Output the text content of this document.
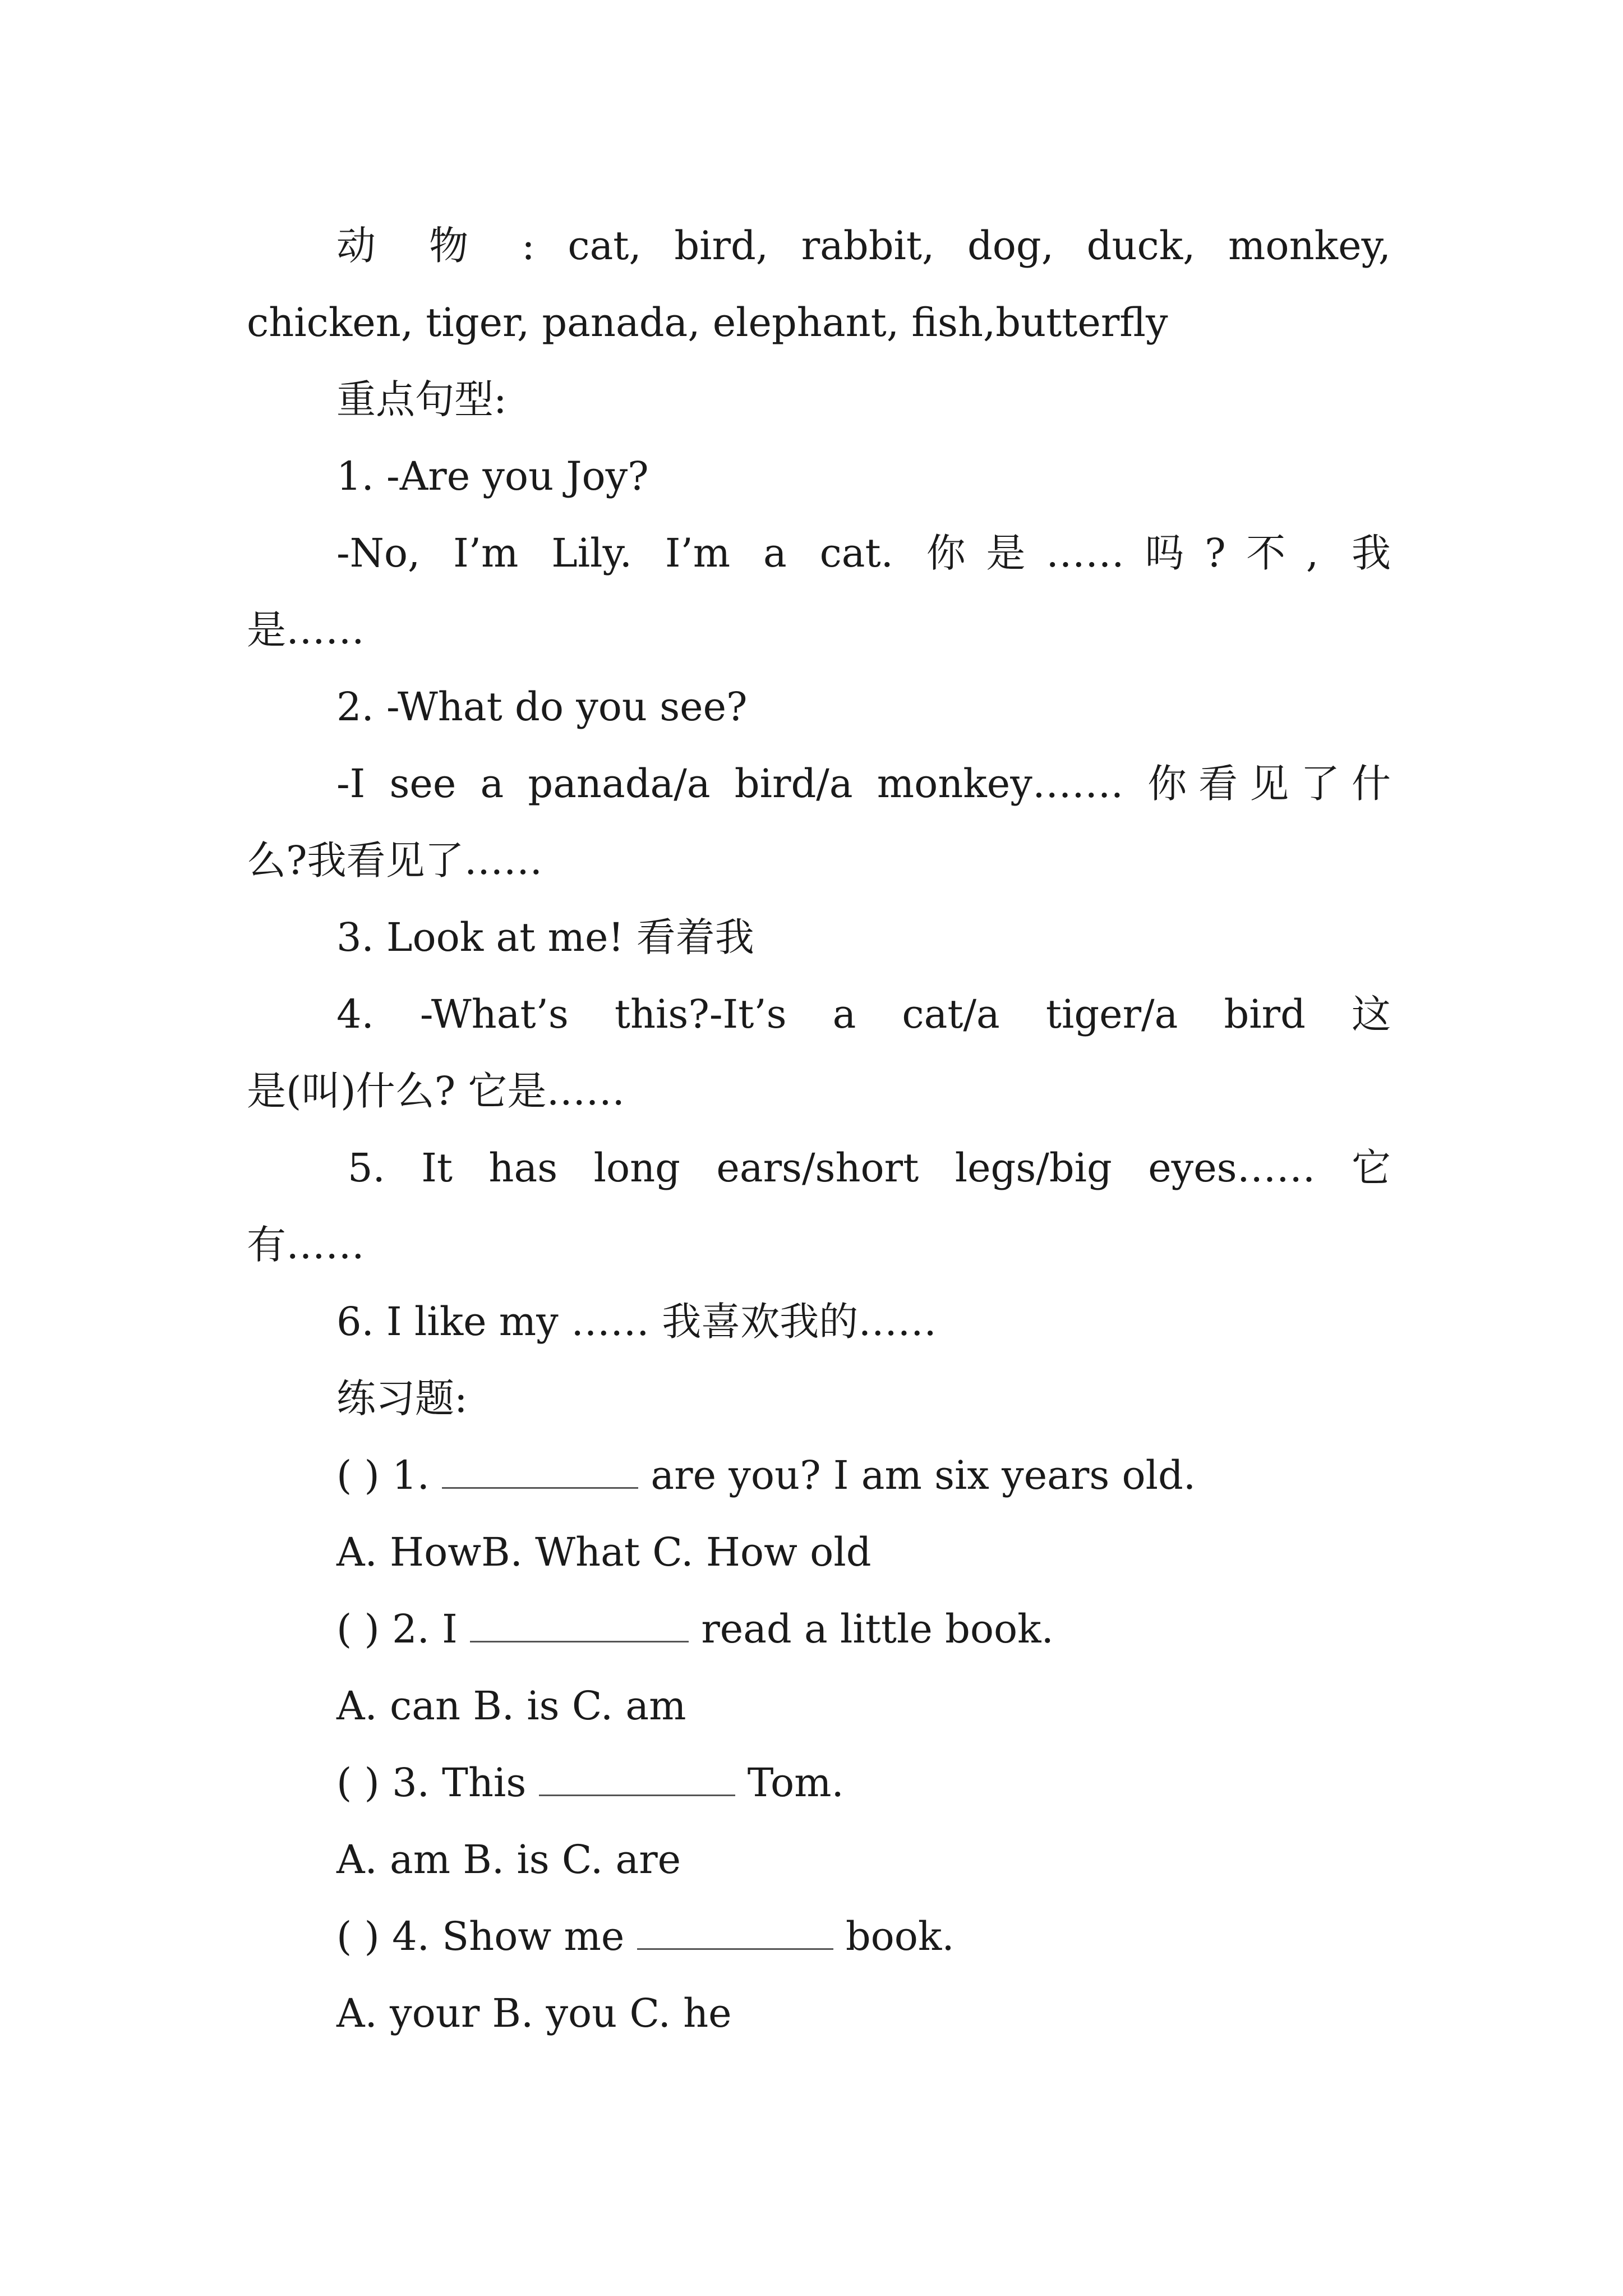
动 物 : cat, bird, rabbit, dog, duck, monkey,
chicken, tiger, panada, elephant, fish,butterfly
重点句型:
1. -Are you Joy?
-No, I’m Lily. I’m a cat. 你是……吗?不, 我
是……
2. -What do you see?
-I see a panada/a bird/a monkey……. 你看见了什
么?我看见了……
3. Look at me! 看着我
4. -What’s this?-It’s a cat/a tiger/a bird 这
是(叫)什么? 它是……
5. It has long ears/short legs/big eyes…… 它
有……
6. I like my …… 我喜欢我的……
练习题:
( ) 1.	are you? I am six years old.
A. HowB. What C. How old
( ) 2. I	read a little book.
A. can B. is C. am
( ) 3. This	Tom.
A. am B. is C. are
( ) 4. Show me	book.
A. your B. you C. he
